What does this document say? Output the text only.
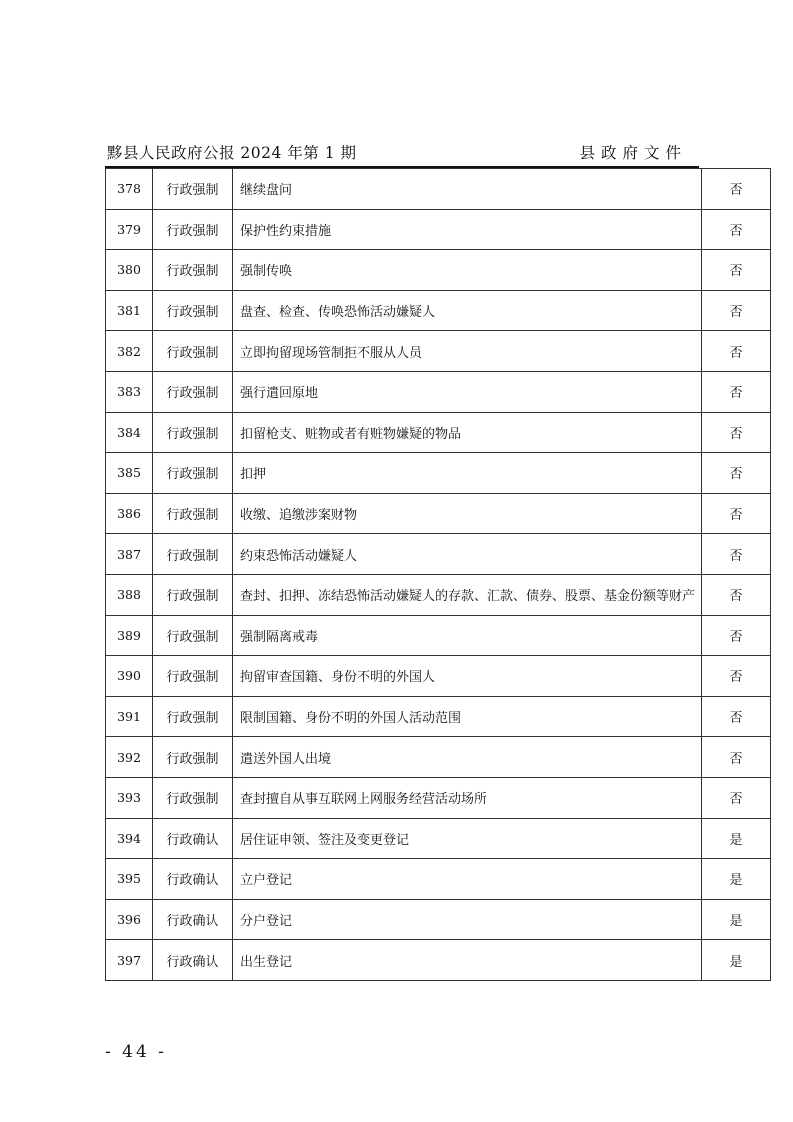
黟县人民政府公报 2024 年第 1 期	县政府文件
378	行政强制	继续盘问	否
379	行政强制	保护性约束措施	否
380	行政强制	强制传唤	否
381	行政强制	盘查、检查、传唤恐怖活动嫌疑人	否
382	行政强制	立即拘留现场管制拒不服从人员	否
383	行政强制	强行遣回原地	否
384	行政强制	扣留枪支、赃物或者有赃物嫌疑的物品	否
385	行政强制	扣押	否
386	行政强制	收缴、追缴涉案财物	否
387	行政强制	约束恐怖活动嫌疑人	否
388	行政强制	查封、扣押、冻结恐怖活动嫌疑人的存款、汇款、债券、股票、基金份额等财产	否
389	行政强制	强制隔离戒毒	否
390	行政强制	拘留审查国籍、身份不明的外国人	否
391	行政强制	限制国籍、身份不明的外国人活动范围	否
392	行政强制	遣送外国人出境	否
393	行政强制	查封擅自从事互联网上网服务经营活动场所	否
394	行政确认	居住证申领、签注及变更登记	是
395	行政确认	立户登记	是
396	行政确认	分户登记	是
397	行政确认	出生登记	是
- 44 -
